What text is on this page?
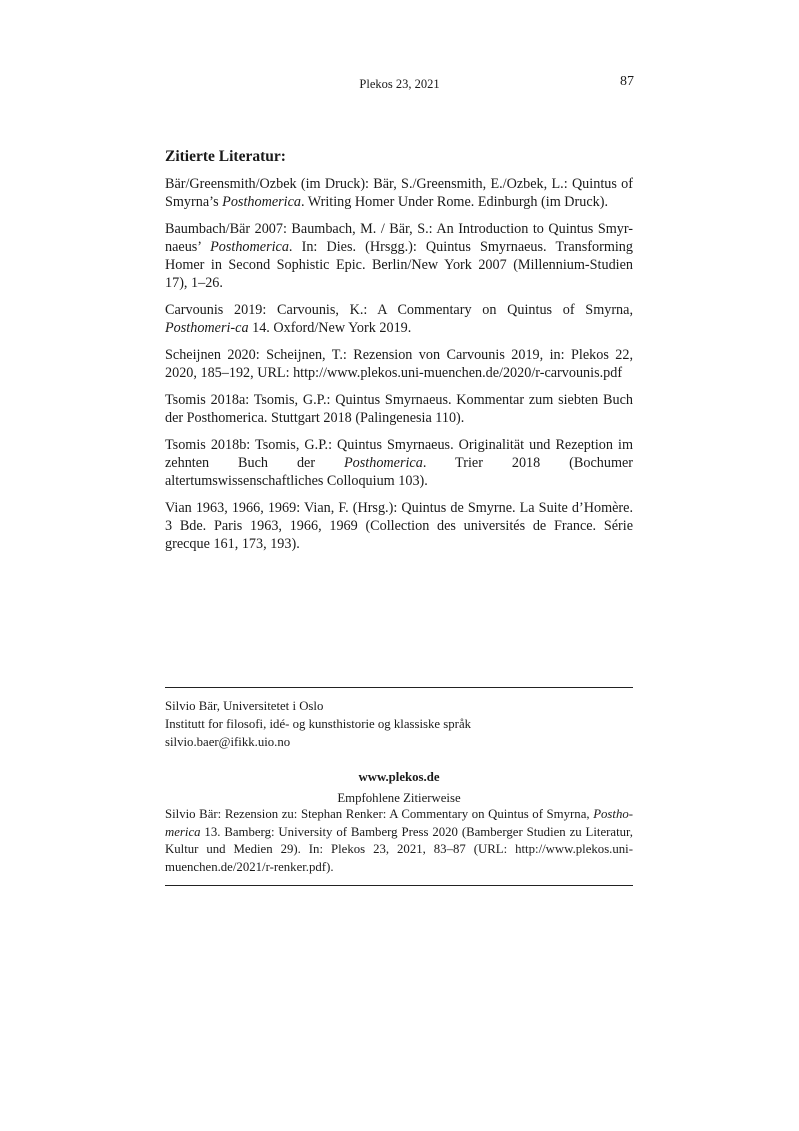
Plekos 23, 2021	87
Zitierte Literatur:

Bär/Greensmith/Ozbek (im Druck): Bär, S./Greensmith, E./Ozbek, L.: Quintus of Smyrna’s Posthomerica. Writing Homer Under Rome. Edinburgh (im Druck).

Baumbach/Bär 2007: Baumbach, M. / Bär, S.: An Introduction to Quintus Smyr-naeus’ Posthomerica. In: Dies. (Hrsgg.): Quintus Smyrnaeus. Transforming Homer in Second Sophistic Epic. Berlin/New York 2007 (Millennium-Studien 17), 1–26.

Carvounis 2019: Carvounis, K.: A Commentary on Quintus of Smyrna, Posthomeri-ca 14. Oxford/New York 2019.

Scheijnen 2020: Scheijnen, T.: Rezension von Carvounis 2019, in: Plekos 22, 2020, 185–192, URL: http://www.plekos.uni-muenchen.de/2020/r-carvounis.pdf

Tsomis 2018a: Tsomis, G.P.: Quintus Smyrnaeus. Kommentar zum siebten Buch der Posthomerica. Stuttgart 2018 (Palingenesia 110).

Tsomis 2018b: Tsomis, G.P.: Quintus Smyrnaeus. Originalität und Rezeption im zehnten Buch der Posthomerica. Trier 2018 (Bochumer altertumswissenschaftliches Colloquium 103).

Vian 1963, 1966, 1969: Vian, F. (Hrsg.): Quintus de Smyrne. La Suite d’Homère. 3 Bde. Paris 1963, 1966, 1969 (Collection des universités de France. Série grecque 161, 173, 193).

Silvio Bär, Universitetet i Oslo
Institutt for filosofi, idé- og kunsthistorie og klassiske språk
silvio.baer@ifikk.uio.no
www.plekos.de
Empfohlene Zitierweise
Silvio Bär: Rezension zu: Stephan Renker: A Commentary on Quintus of Smyrna, Postho-merica 13. Bamberg: University of Bamberg Press 2020 (Bamberger Studien zu Literatur, Kultur und Medien 29). In: Plekos 23, 2021, 83–87 (URL: http://www.plekos.uni-muenchen.de/2021/r-renker.pdf).
